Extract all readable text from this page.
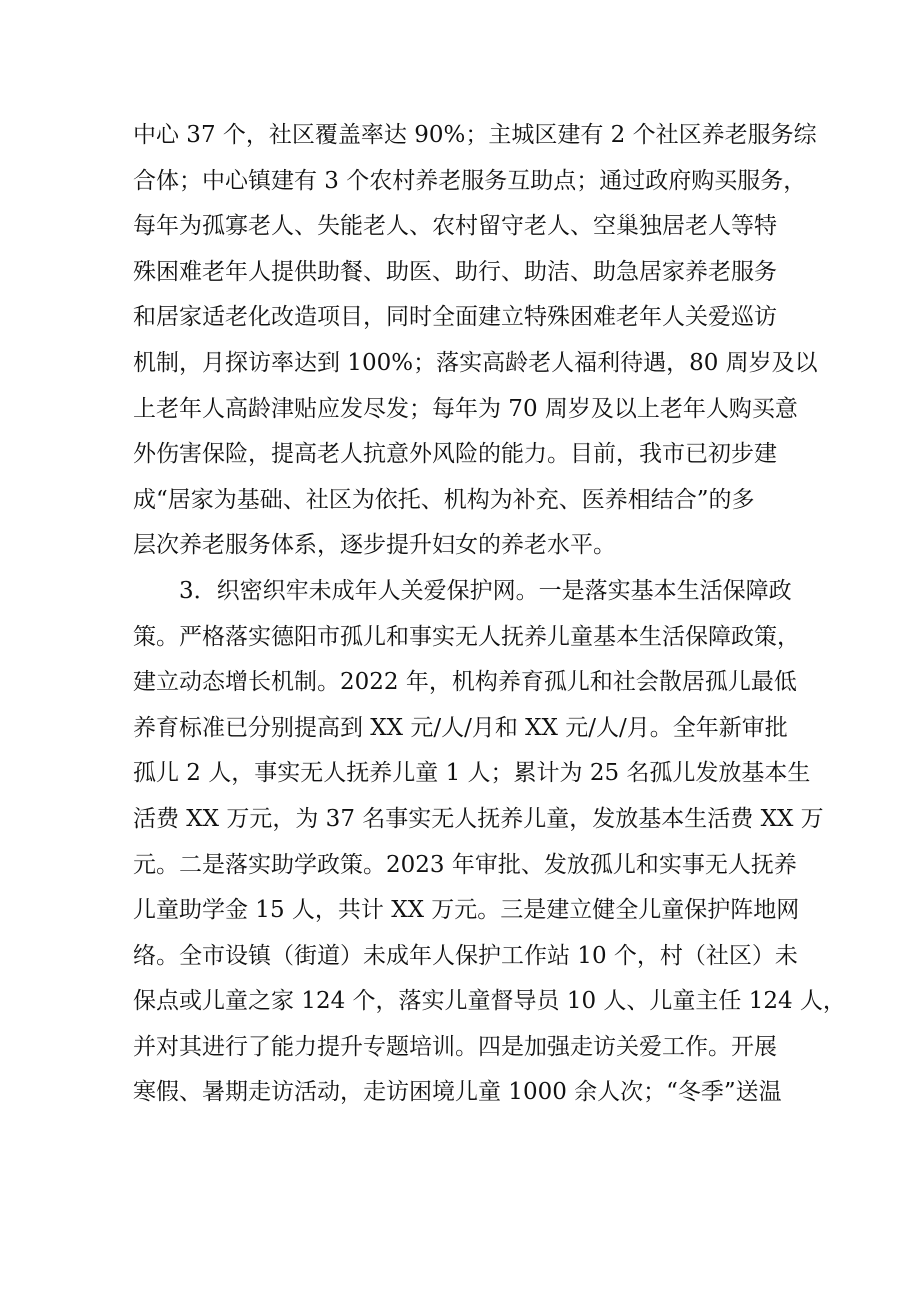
中心 37 个，社区覆盖率达 90%；主城区建有 2 个社区养老服务综
合体；中心镇建有 3 个农村养老服务互助点；通过政府购买服务，
每年为孤寡老人、失能老人、农村留守老人、空巢独居老人等特
殊困难老年人提供助餐、助医、助行、助洁、助急居家养老服务
和居家适老化改造项目，同时全面建立特殊困难老年人关爱巡访
机制，月探访率达到 100%；落实高龄老人福利待遇，80 周岁及以
上老年人高龄津贴应发尽发；每年为 70 周岁及以上老年人购买意
外伤害保险，提高老人抗意外风险的能力。目前，我市已初步建
成“居家为基础、社区为依托、机构为补充、医养相结合”的多
层次养老服务体系，逐步提升妇女的养老水平。
　　3．织密织牢未成年人关爱保护网。一是落实基本生活保障政
策。严格落实德阳市孤儿和事实无人抚养儿童基本生活保障政策，
建立动态增长机制。2022 年，机构养育孤儿和社会散居孤儿最低
养育标准已分别提高到 XX 元/人/月和 XX 元/人/月。全年新审批
孤儿 2 人，事实无人抚养儿童 1 人；累计为 25 名孤儿发放基本生
活费 XX 万元，为 37 名事实无人抚养儿童，发放基本生活费 XX 万
元。二是落实助学政策。2023 年审批、发放孤儿和实事无人抚养
儿童助学金 15 人，共计 XX 万元。三是建立健全儿童保护阵地网
络。全市设镇（街道）未成年人保护工作站 10 个，村（社区）未
保点或儿童之家 124 个，落实儿童督导员 10 人、儿童主任 124 人，
并对其进行了能力提升专题培训。四是加强走访关爱工作。开展
寒假、暑期走访活动，走访困境儿童 1000 余人次；“冬季”送温
